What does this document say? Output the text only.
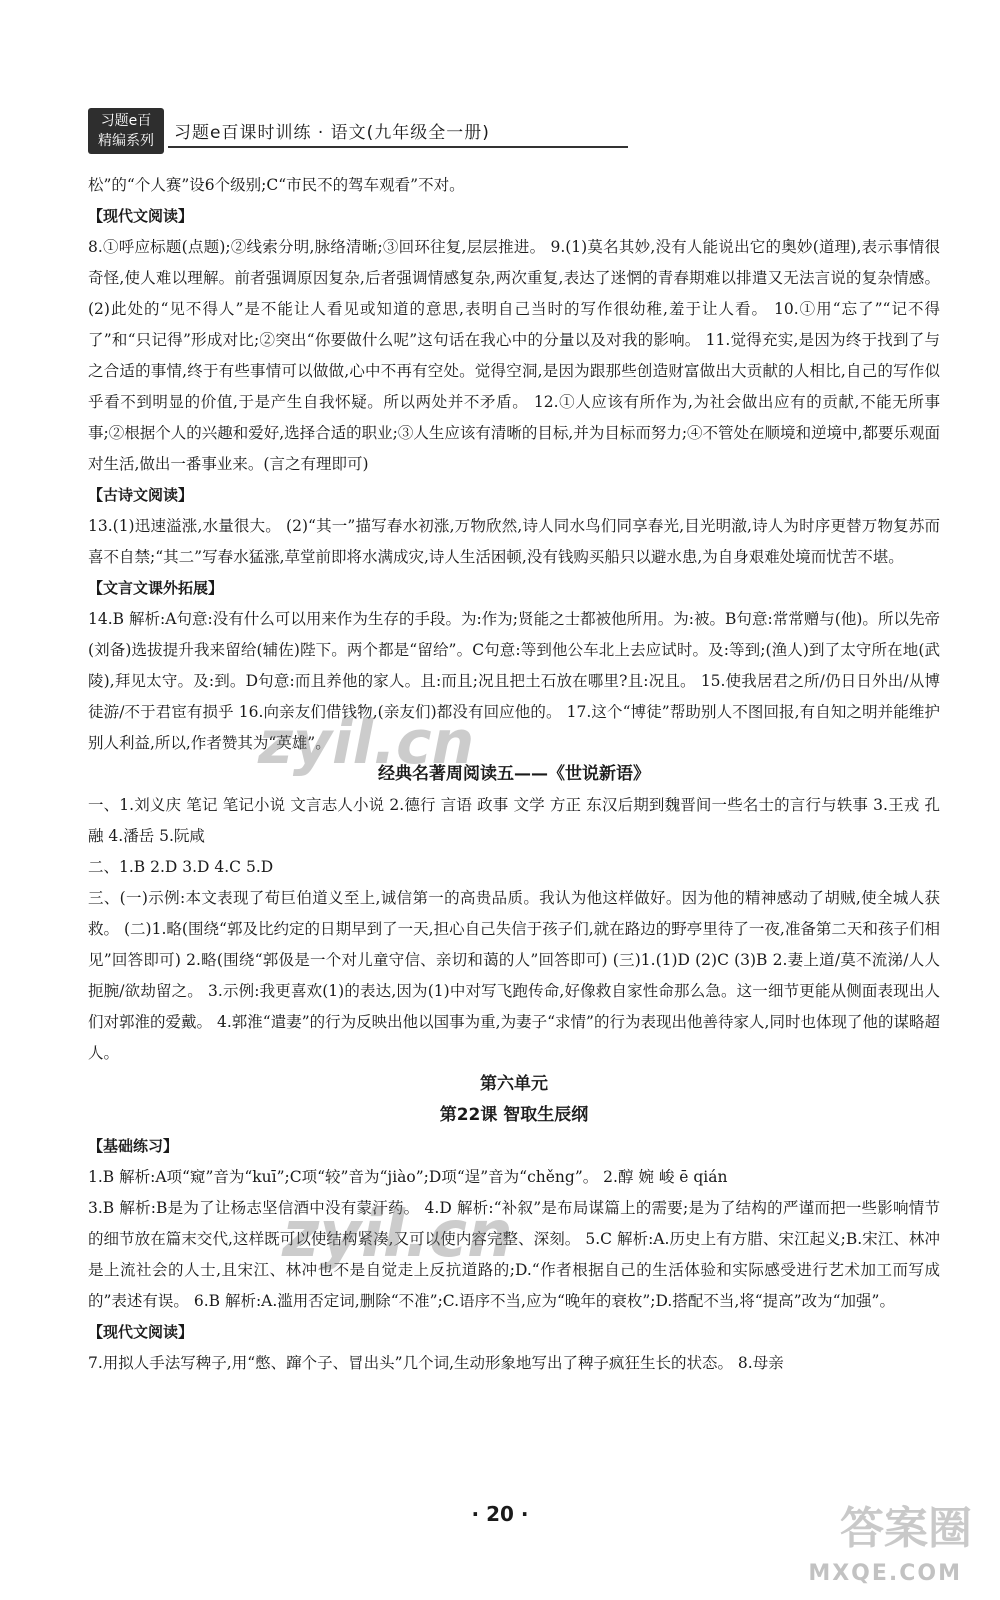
习题e百
精编系列	习题e百课时训练 · 语文(九年级全一册)

松”的“个人赛”设6个级别;C“市民不的驾车观看”不对。

【现代文阅读】

8.①呼应标题(点题);②线索分明,脉络清晰;③回环往复,层层推进。 9.(1)莫名其妙,没有人能说出它的奥妙(道理),表示事情很奇怪,使人难以理解。前者强调原因复杂,后者强调情感复杂,两次重复,表达了迷惘的青春期难以排遣又无法言说的复杂情感。 (2)此处的“见不得人”是不能让人看见或知道的意思,表明自己当时的写作很幼稚,羞于让人看。 10.①用“忘了”“记不得了”和“只记得”形成对比;②突出“你要做什么呢”这句话在我心中的分量以及对我的影响。 11.觉得充实,是因为终于找到了与之合适的事情,终于有些事情可以做做,心中不再有空处。觉得空洞,是因为跟那些创造财富做出大贡献的人相比,自己的写作似乎看不到明显的价值,于是产生自我怀疑。所以两处并不矛盾。 12.①人应该有所作为,为社会做出应有的贡献,不能无所事事;②根据个人的兴趣和爱好,选择合适的职业;③人生应该有清晰的目标,并为目标而努力;④不管处在顺境和逆境中,都要乐观面对生活,做出一番事业来。(言之有理即可)

【古诗文阅读】

13.(1)迅速溢涨,水量很大。 (2)“其一”描写春水初涨,万物欣然,诗人同水鸟们同享春光,目光明澈,诗人为时序更替万物复苏而喜不自禁;“其二”写春水猛涨,草堂前即将水满成灾,诗人生活困顿,没有钱购买船只以避水患,为自身艰难处境而忧苦不堪。

【文言文课外拓展】

14.B 解析:A句意:没有什么可以用来作为生存的手段。为:作为;贤能之士都被他所用。为:被。B句意:常常赠与(他)。所以先帝(刘备)选拔提升我来留给(辅佐)陛下。两个都是“留给”。C句意:等到他公车北上去应试时。及:等到;(渔人)到了太守所在地(武陵),拜见太守。及:到。D句意:而且养他的家人。且:而且;况且把土石放在哪里?且:况且。 15.使我居君之所/仍日日外出/从博徒游/不于君宦有损乎 16.向亲友们借钱物,(亲友们)都没有回应他的。 17.这个“博徒”帮助别人不图回报,有自知之明并能维护别人利益,所以,作者赞其为“英雄”。

经典名著周阅读五——《世说新语》

一、1.刘义庆 笔记 笔记小说 文言志人小说 2.德行 言语 政事 文学 方正 东汉后期到魏晋间一些名士的言行与轶事 3.王戎 孔融 4.潘岳 5.阮咸

二、1.B 2.D 3.D 4.C 5.D

三、(一)示例:本文表现了荀巨伯道义至上,诚信第一的高贵品质。我认为他这样做好。因为他的精神感动了胡贼,使全城人获救。 (二)1.略(围绕“郭及比约定的日期早到了一天,担心自己失信于孩子们,就在路边的野亭里待了一夜,准备第二天和孩子们相见”回答即可) 2.略(围绕“郭伋是一个对儿童守信、亲切和蔼的人”回答即可) (三)1.(1)D (2)C (3)B 2.妻上道/莫不流涕/人人扼腕/欲劫留之。 3.示例:我更喜欢(1)的表达,因为(1)中对写飞跑传命,好像救自家性命那么急。这一细节更能从侧面表现出人们对郭淮的爱戴。 4.郭淮“遣妻”的行为反映出他以国事为重,为妻子“求情”的行为表现出他善待家人,同时也体现了他的谋略超人。

第六单元

第22课 智取生辰纲

【基础练习】

1.B 解析:A项“窥”音为“kuī”;C项“较”音为“jiào”;D项“逞”音为“chěng”。 2.醇 婉 峻 ē qián

3.B 解析:B是为了让杨志坚信酒中没有蒙汗药。 4.D 解析:“补叙”是布局谋篇上的需要;是为了结构的严谨而把一些影响情节的细节放在篇末交代,这样既可以使结构紧凑,又可以使内容完整、深刻。 5.C 解析:A.历史上有方腊、宋江起义;B.宋江、林冲是上流社会的人士,且宋江、林冲也不是自觉走上反抗道路的;D.“作者根据自己的生活体验和实际感受进行艺术加工而写成的”表述有误。 6.B 解析:A.滥用否定词,删除“不准”;C.语序不当,应为“晚年的衰枚”;D.搭配不当,将“提高”改为“加强”。

【现代文阅读】

7.用拟人手法写稗子,用“憋、蹿个子、冒出头”几个词,生动形象地写出了稗子疯狂生长的状态。 8.母亲

· 20 ·
zyil.cn
zyil.cn
答案圈
MXQE.COM
